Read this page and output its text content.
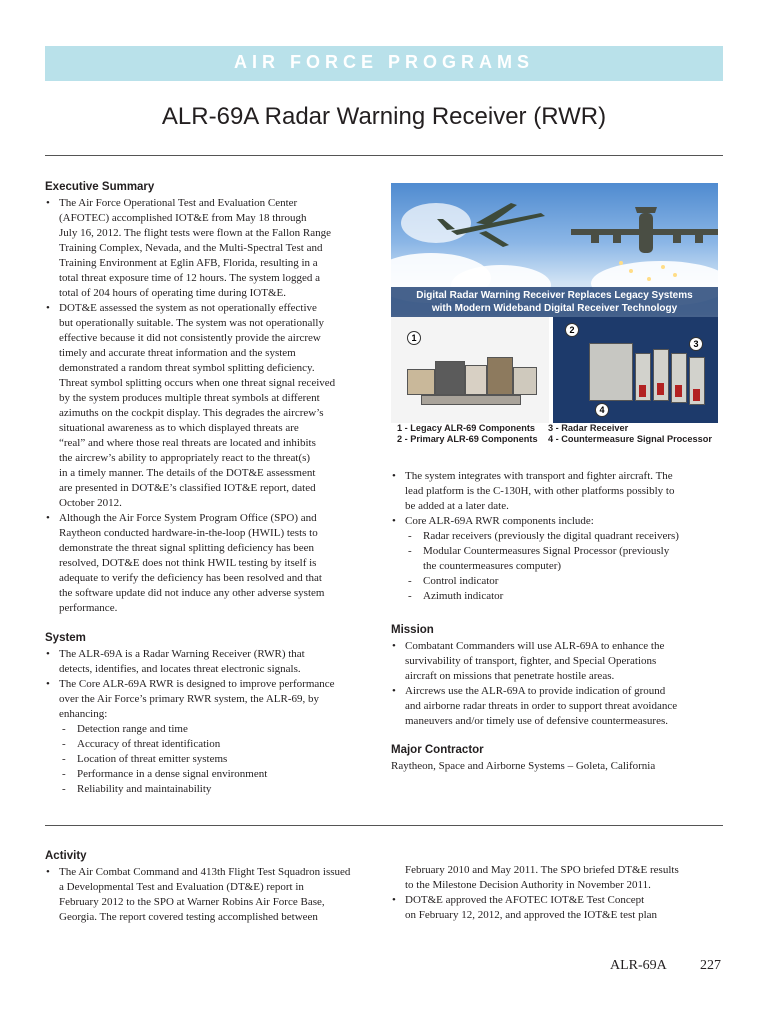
AIR FORCE PROGRAMS
ALR-69A Radar Warning Receiver (RWR)
Executive Summary
• The Air Force Operational Test and Evaluation Center
(AFOTEC) accomplished IOT&E from May 18 through
July 16, 2012. The flight tests were flown at the Fallon Range
Training Complex, Nevada, and the Multi-Spectral Test and
Training Environment at Eglin AFB, Florida, resulting in a
total threat exposure time of 12 hours. The system logged a
total of 204 hours of operating time during IOT&E.
• DOT&E assessed the system as not operationally effective
but operationally suitable. The system was not operationally
effective because it did not consistently provide the aircrew
timely and accurate threat information and the system
demonstrated a random threat symbol splitting deficiency.
Threat symbol splitting occurs when one threat signal received
by the system produces multiple threat symbols at different
azimuths on the cockpit display. This degrades the aircrew’s
situational awareness as to which displayed threats are
“real” and where those real threats are located and inhibits
the aircrew’s ability to appropriately react to the threat(s)
in a timely manner. The details of the DOT&E assessment
are presented in DOT&E’s classified IOT&E report, dated
October 2012.
• Although the Air Force System Program Office (SPO) and
Raytheon conducted hardware-in-the-loop (HWIL) tests to
demonstrate the threat signal splitting deficiency has been
resolved, DOT&E does not think HWIL testing by itself is
adequate to verify the deficiency has been resolved and that
the software update did not induce any other adverse system
performance.
System
• The ALR-69A is a Radar Warning Receiver (RWR) that
detects, identifies, and locates threat electronic signals.
• The Core ALR-69A RWR is designed to improve performance
over the Air Force’s primary RWR system, the ALR-69, by
enhancing:
- Detection range and time
- Accuracy of threat identification
- Location of threat emitter systems
- Performance in a dense signal environment
- Reliability and maintainability
Digital Radar Warning Receiver Replaces Legacy Systems
with Modern Wideband Digital Receiver Technology
1
2
3
4
1 - Legacy ALR-69 Components
2 - Primary ALR-69 Components
3 - Radar Receiver
4 - Countermeasure Signal Processor
• The system integrates with transport and fighter aircraft. The
lead platform is the C-130H, with other platforms possibly to
be added at a later date.
• Core ALR-69A RWR components include:
- Radar receivers (previously the digital quadrant receivers)
- Modular Countermeasures Signal Processor (previously
the countermeasures computer)
- Control indicator
- Azimuth indicator
Mission
• Combatant Commanders will use ALR-69A to enhance the
survivability of transport, fighter, and Special Operations
aircraft on missions that penetrate hostile areas.
• Aircrews use the ALR-69A to provide indication of ground
and airborne radar threats in order to support threat avoidance
maneuvers and/or timely use of defensive countermeasures.
Major Contractor

Raytheon, Space and Airborne Systems – Goleta, California

Activity
• The Air Combat Command and 413th Flight Test Squadron issued
a Developmental Test and Evaluation (DT&E) report in
February 2012 to the SPO at Warner Robins Air Force Base,
Georgia. The report covered testing accomplished between
February 2010 and May 2011. The SPO briefed DT&E results
to the Milestone Decision Authority in November 2011.
• DOT&E approved the AFOTEC IOT&E Test Concept
on February 12, 2012, and approved the IOT&E test plan
ALR-69A 227
